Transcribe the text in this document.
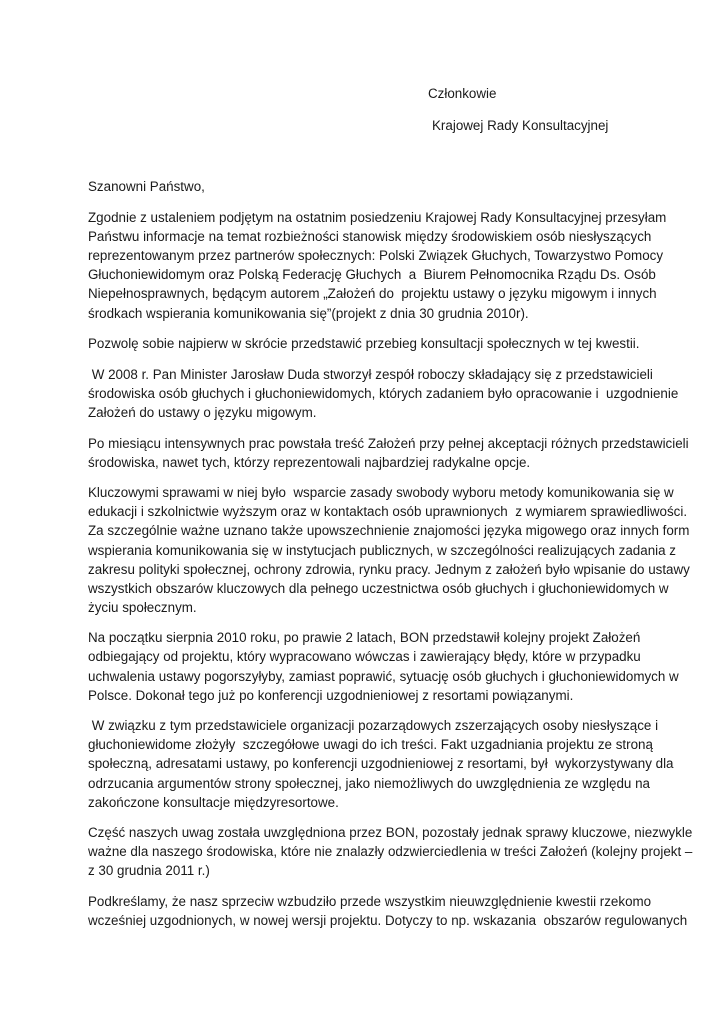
Członkowie
Krajowej Rady Konsultacyjnej

Szanowni Państwo,

Zgodnie z ustaleniem podjętym na ostatnim posiedzeniu Krajowej Rady Konsultacyjnej przesyłam
Państwu informacje na temat rozbieżności stanowisk między środowiskiem osób niesłyszących
reprezentowanym przez partnerów społecznych: Polski Związek Głuchych, Towarzystwo Pomocy
Głuchoniewidomym oraz Polską Federację Głuchych  a  Biurem Pełnomocnika Rządu Ds. Osób
Niepełnosprawnych, będącym autorem „Założeń do  projektu ustawy o języku migowym i innych
środkach wspierania komunikowania się”(projekt z dnia 30 grudnia 2010r).

Pozwolę sobie najpierw w skrócie przedstawić przebieg konsultacji społecznych w tej kwestii.

W 2008 r. Pan Minister Jarosław Duda stworzył zespół roboczy składający się z przedstawicieli
środowiska osób głuchych i głuchoniewidomych, których zadaniem było opracowanie i  uzgodnienie
Założeń do ustawy o języku migowym.

Po miesiącu intensywnych prac powstała treść Założeń przy pełnej akceptacji różnych przedstawicieli
środowiska, nawet tych, którzy reprezentowali najbardziej radykalne opcje.

Kluczowymi sprawami w niej było  wsparcie zasady swobody wyboru metody komunikowania się w
edukacji i szkolnictwie wyższym oraz w kontaktach osób uprawnionych  z wymiarem sprawiedliwości.
Za szczególnie ważne uznano także upowszechnienie znajomości języka migowego oraz innych form
wspierania komunikowania się w instytucjach publicznych, w szczególności realizujących zadania z
zakresu polityki społecznej, ochrony zdrowia, rynku pracy. Jednym z założeń było wpisanie do ustawy
wszystkich obszarów kluczowych dla pełnego uczestnictwa osób głuchych i głuchoniewidomych w
życiu społecznym.

Na początku sierpnia 2010 roku, po prawie 2 latach, BON przedstawił kolejny projekt Założeń
odbiegający od projektu, który wypracowano wówczas i zawierający błędy, które w przypadku
uchwalenia ustawy pogorszyłyby, zamiast poprawić, sytuację osób głuchych i głuchoniewidomych w
Polsce. Dokonał tego już po konferencji uzgodnieniowej z resortami powiązanymi.

W związku z tym przedstawiciele organizacji pozarządowych zszerzających osoby niesłyszące i
głuchoniewidome złożyły  szczegółowe uwagi do ich treści. Fakt uzgadniania projektu ze stroną
społeczną, adresatami ustawy, po konferencji uzgodnieniowej z resortami, był  wykorzystywany dla
odrzucania argumentów strony społecznej, jako niemożliwych do uwzględnienia ze względu na
zakończone konsultacje międzyresortowe.

Część naszych uwag została uwzględniona przez BON, pozostały jednak sprawy kluczowe, niezwykle
ważne dla naszego środowiska, które nie znalazły odzwierciedlenia w treści Założeń (kolejny projekt –
z 30 grudnia 2011 r.)

Podkreślamy, że nasz sprzeciw wzbudziło przede wszystkim nieuwzględnienie kwestii rzekomo
wcześniej uzgodnionych, w nowej wersji projektu. Dotyczy to np. wskazania  obszarów regulowanych
